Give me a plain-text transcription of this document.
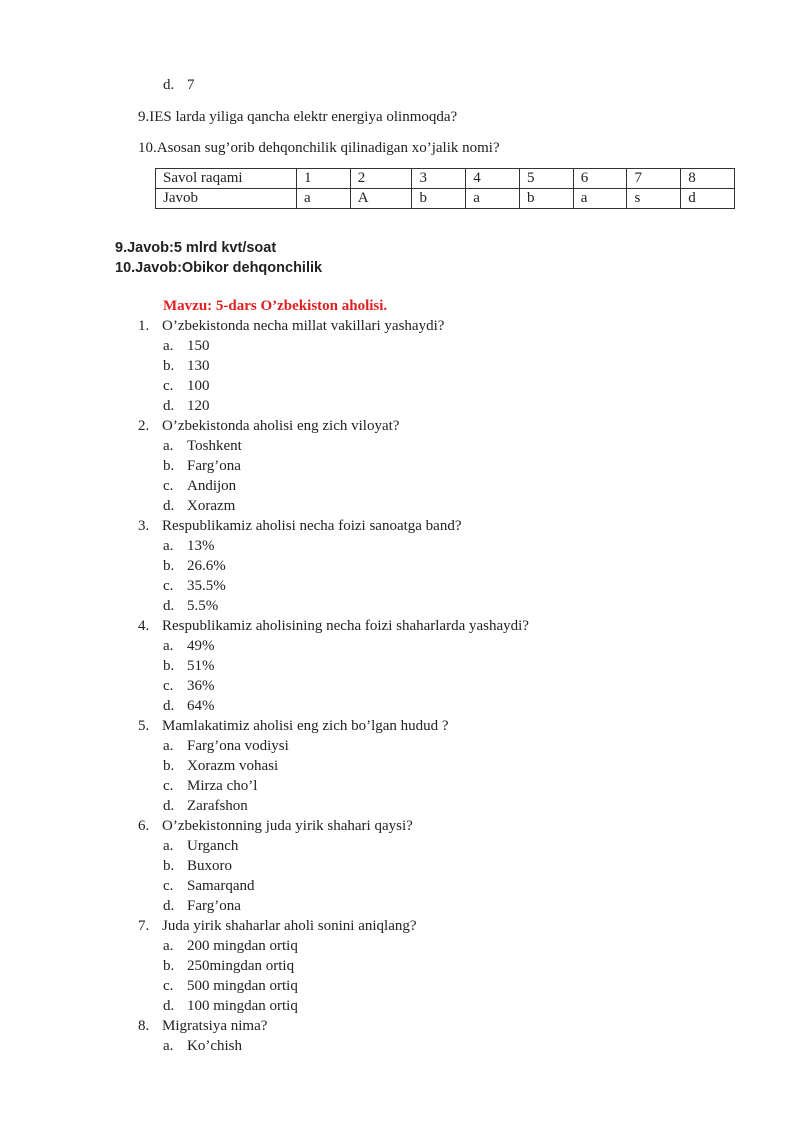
d. 7
9.IES larda yiliga qancha elektr energiya olinmoqda?
10.Asosan sug’orib dehqonchilik qilinadigan xo’jalik nomi?
Savol raqami	1	2	3	4	5	6	7	8
Javob	a	A	b	a	b	a	s	d
9.Javob:5 mlrd kvt/soat
10.Javob:Obikor dehqonchilik
Mavzu: 5-dars O’zbekiston aholisi.
1. O’zbekistonda necha millat vakillari yashaydi?
a. 150
b. 130
c. 100
d. 120
2. O’zbekistonda aholisi eng zich viloyat?
a. Toshkent
b. Farg’ona
c. Andijon
d. Xorazm
3. Respublikamiz aholisi necha foizi sanoatga band?
a. 13%
b. 26.6%
c. 35.5%
d. 5.5%
4. Respublikamiz aholisining necha foizi shaharlarda yashaydi?
a. 49%
b. 51%
c. 36%
d. 64%
5. Mamlakatimiz aholisi eng zich bo’lgan hudud ?
a. Farg’ona vodiysi
b. Xorazm vohasi
c. Mirza cho’l
d. Zarafshon
6. O’zbekistonning juda yirik shahari qaysi?
a. Urganch
b. Buxoro
c. Samarqand
d. Farg’ona
7. Juda yirik shaharlar aholi sonini aniqlang?
a. 200 mingdan ortiq
b. 250mingdan ortiq
c. 500 mingdan ortiq
d. 100 mingdan ortiq
8. Migratsiya nima?
a. Ko’chish
